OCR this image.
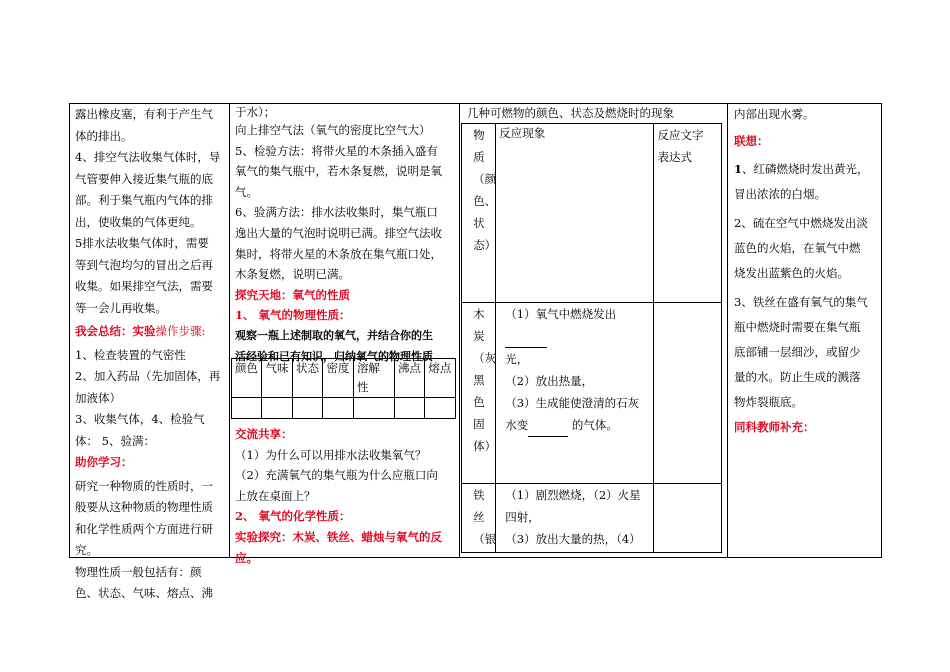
露出橡皮塞，有利于产生气

体的排出。

4、排空气法收集气体时，导

气管要伸入接近集气瓶的底

部。利于集气瓶内气体的排

出，使收集的气体更纯。

5排水法收集气体时，需要

等到气泡均匀的冒出之后再

收集。如果排空气法，需要

等一会儿再收集。

我会总结：实验操作步骤:

1、检查装置的气密性

2、加入药品（先加固体，再

加液体）

3、收集气体，4、检验气

体： 5、验满：

助你学习：

研究一种物质的性质时，一

般要从这种物质的物理性质

和化学性质两个方面进行研

究。

物理性质一般包括有：颜

色、状态、气味、熔点、沸

于水）；

向上排空气法（氧气的密度比空气大）

5、检验方法：将带火星的木条插入盛有

氧气的集气瓶中，若木条复燃，说明是氧

气。

6、验满方法：排水法收集时，集气瓶口

逸出大量的气泡时说明已满。排空气法收

集时，将带火星的木条放在集气瓶口处，

木条复燃，说明已满。

探究天地：氧气的性质

1、 氧气的物理性质：

观察一瓶上述制取的氧气，并结合你的生

活经验和已有知识，归纳氧气的物理性质

颜色	气味	状态	密度	溶解性	沸点	熔点

交流共享：

（1）为什么可以用排水法收集氧气？

（2）充满氧气的集气瓶为什么应瓶口向

上放在桌面上？

2、 氧气的化学性质：

实验探究：木炭、铁丝、蜡烛与氧气的反

应。

几种可燃物的颜色、状态及燃烧时的现象
物质（颜色、状态）	反应现象	反应文字
表达式

木炭（灰黑色固体）	（1）氧气中燃烧发出
光，
（2）放出热量，
（3）生成能使澄清的石灰
水变 的气体。	

铁丝（银	（1）剧烈燃烧，（2）火星
四射，
（3）放出大量的热，（4）	

内部出现水雾。

联想：

1、红磷燃烧时发出黄光，

冒出浓浓的白烟。

2、硫在空气中燃烧发出淡

蓝色的火焰，在氧气中燃

烧发出蓝紫色的火焰。

3、铁丝在盛有氧气的集气

瓶中燃烧时需要在集气瓶

底部铺一层细沙，或留少

量的水。防止生成的溅落

物炸裂瓶底。

同科教师补充：
